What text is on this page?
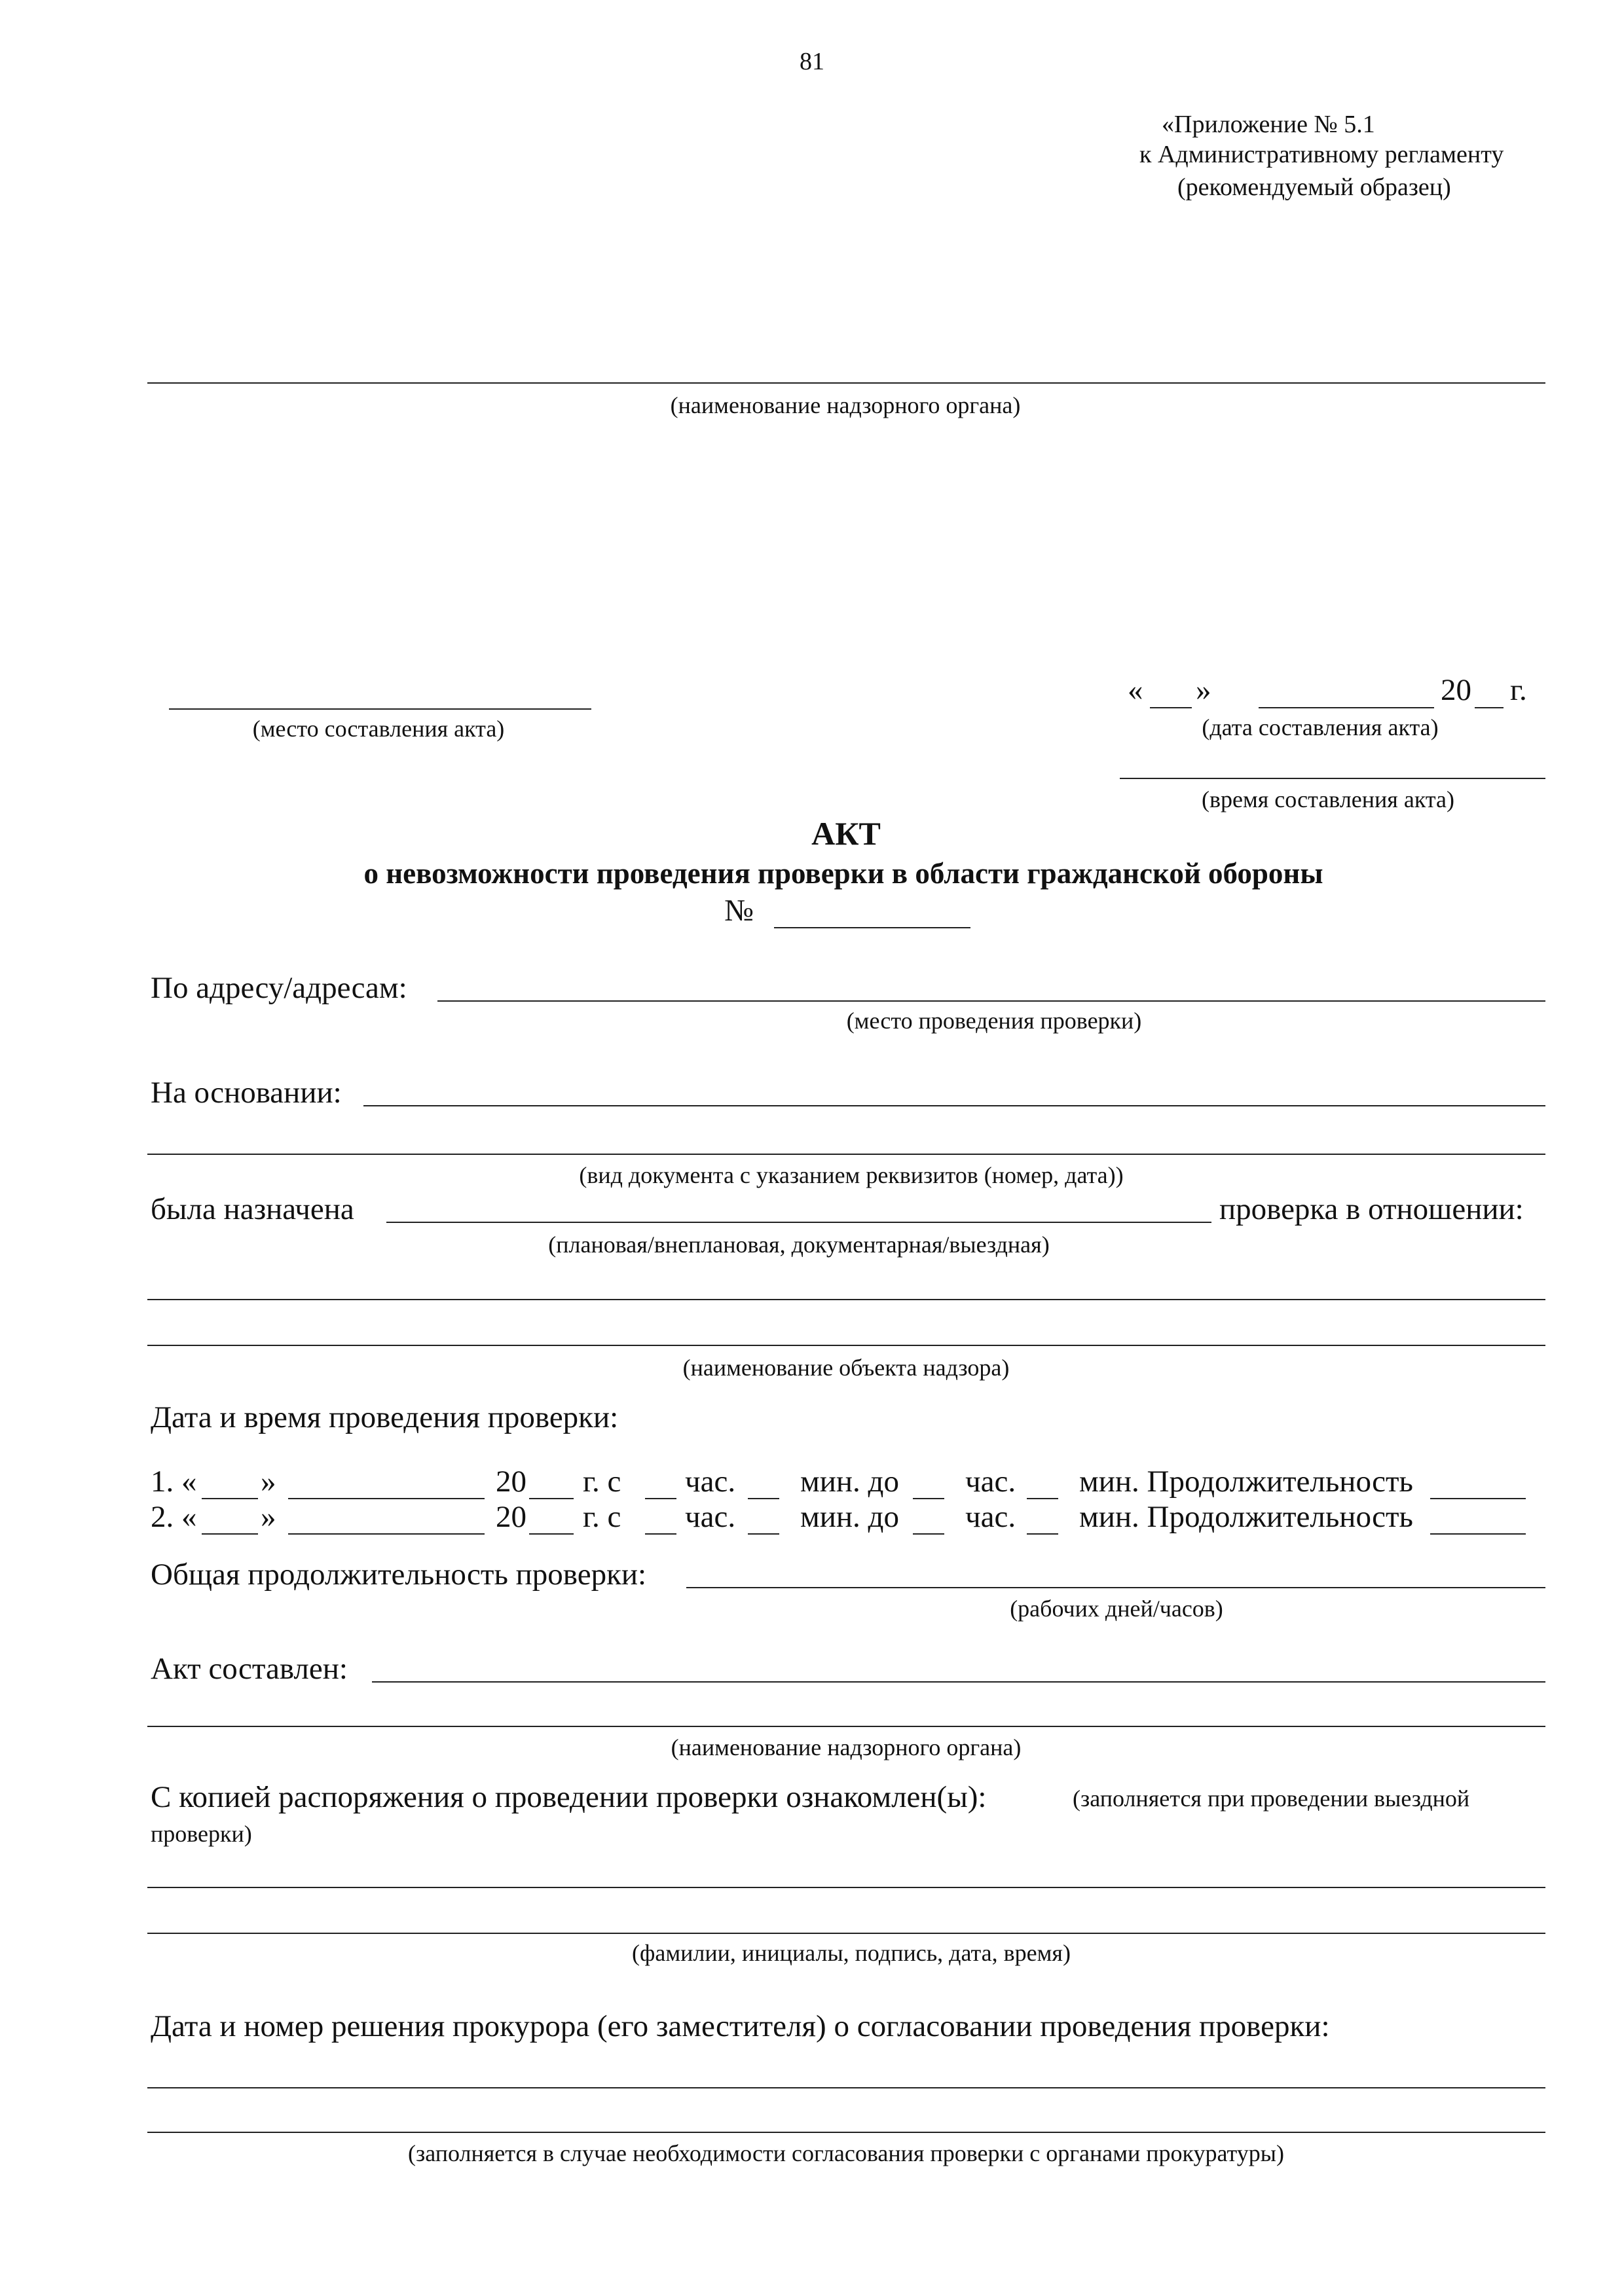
81
«Приложение № 5.1
к Административному регламенту
(рекомендуемый образец)
(наименование надзорного органа)
(место составления акта)
« »	20 г.
(дата составления акта)
(время составления акта)
АКТ
о невозможности проведения проверки в области гражданской обороны
№
По адресу/адресам:
(место проведения проверки)
На основании:
(вид документа с указанием реквизитов (номер, дата))
была назначена	проверка в отношении:
(плановая/внеплановая, документарная/выездная)
(наименование объекта надзора)
Дата и время проведения проверки:
1. « »	20 г. с час. мин. до час. мин. Продолжительность
2. « »	20 г. с час. мин. до час. мин. Продолжительность
Общая продолжительность проверки:
(рабочих дней/часов)
Акт составлен:
(наименование надзорного органа)
С копией распоряжения о проведении проверки ознакомлен(ы):	(заполняется при проведении выездной
проверки)
(фамилии, инициалы, подпись, дата, время)
Дата и номер решения прокурора (его заместителя) о согласовании проведения проверки:
(заполняется в случае необходимости согласования проверки с органами прокуратуры)
